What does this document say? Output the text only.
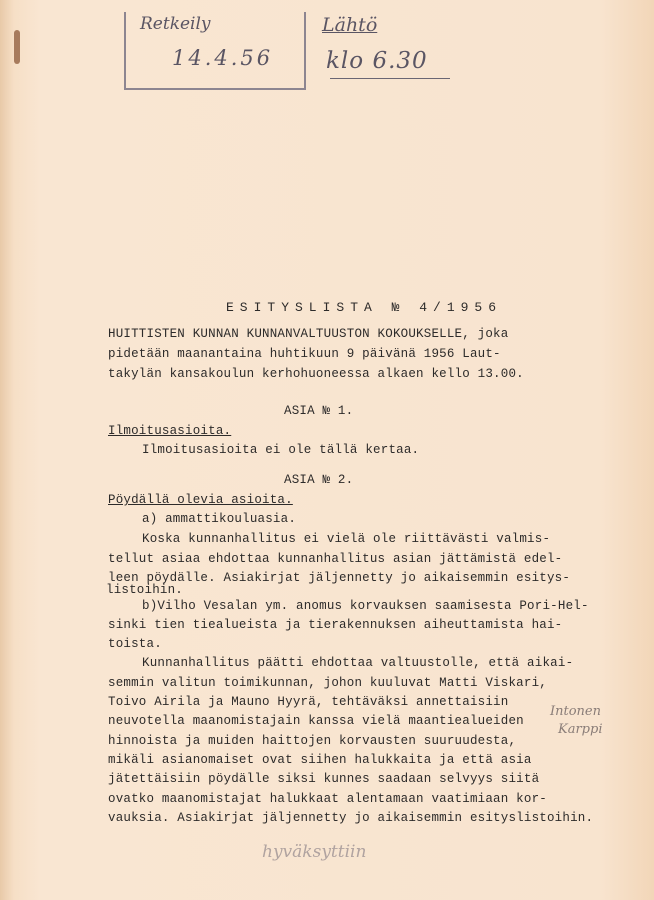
Retkeily
14.4.56
Lähtö
klo 6.30
ESITYSLISTA № 4/1956
HUITTISTEN KUNNAN KUNNANVALTUUSTON KOKOUKSELLE, joka
pidetään maanantaina huhtikuun 9 päivänä 1956 Laut-
takylän kansakoulun kerhohuoneessa alkaen kello 13.00.
ASIA № 1.
Ilmoitusasioita.
Ilmoitusasioita ei ole tällä kertaa.
ASIA № 2.
Pöydällä olevia asioita.
a) ammattikouluasia.
Koska kunnanhallitus ei vielä ole riittävästi valmis-
tellut asiaa ehdottaa kunnanhallitus asian jättämistä edel-
leen pöydälle. Asiakirjat jäljennetty jo aikaisemmin esitys-
listoihin.
b)Vilho Vesalan ym. anomus korvauksen saamisesta Pori-Hel-
sinki tien tiealueista ja tierakennuksen aiheuttamista hai-
toista.
Kunnanhallitus päätti ehdottaa valtuustolle, että aikai-
semmin valitun toimikunnan, johon kuuluvat Matti Viskari,
Toivo Airila ja Mauno Hyyrä, tehtäväksi annettaisiin
neuvotella maanomistajain kanssa vielä maantiealueiden
hinnoista ja muiden haittojen korvausten suuruudesta,
mikäli asianomaiset ovat siihen halukkaita ja että asia
jätettäisiin pöydälle siksi kunnes saadaan selvyys siitä
ovatko maanomistajat halukkaat alentamaan vaatimiaan kor-
vauksia. Asiakirjat jäljennetty jo aikaisemmin esityslistoihin.
Intonen
Karppi
hyväksyttiin
